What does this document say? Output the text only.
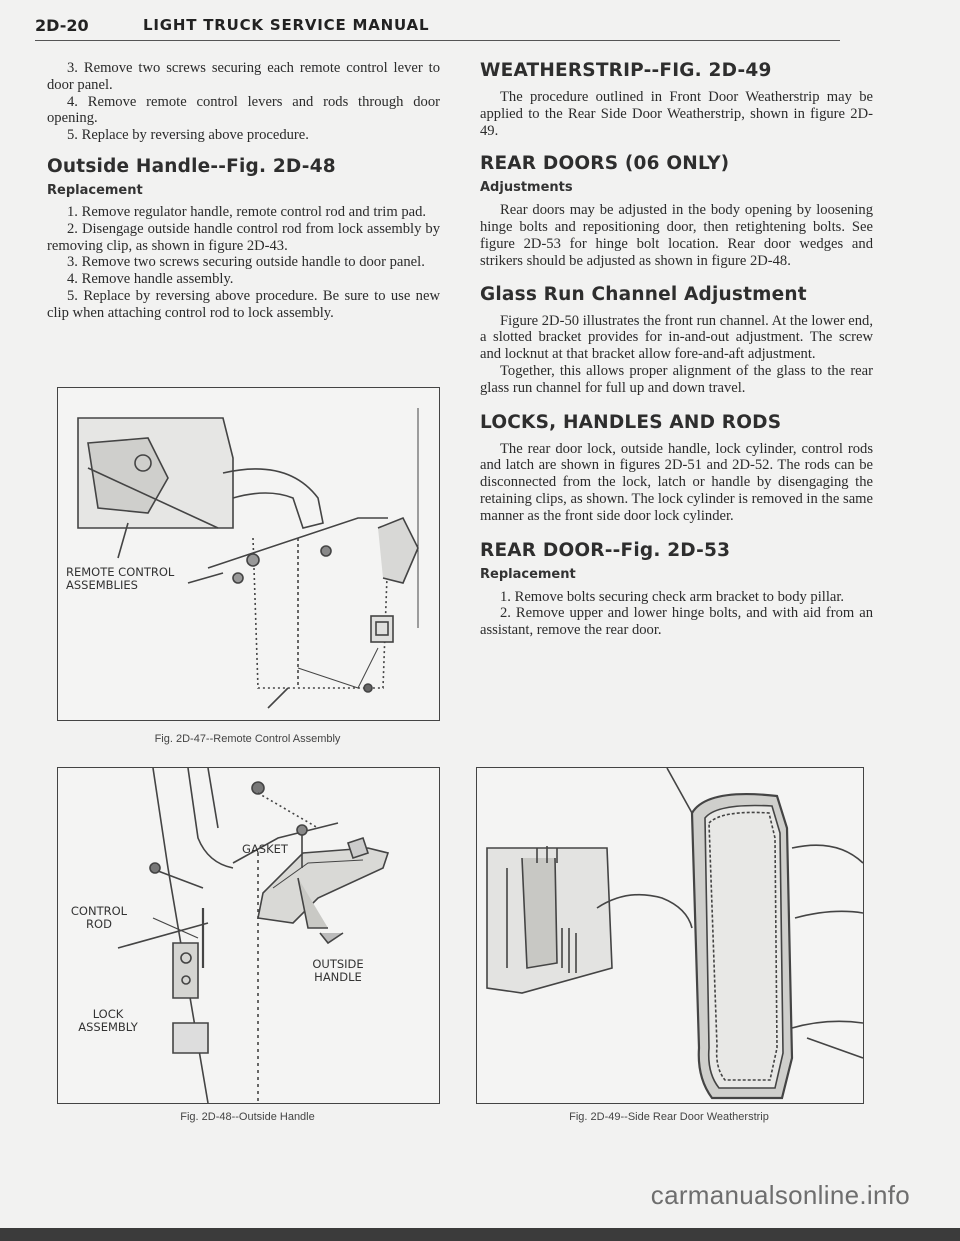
2D-20	LIGHT TRUCK SERVICE MANUAL

3. Remove two screws securing each remote control lever to door panel.

4. Remove remote control levers and rods through door opening.

5. Replace by reversing above procedure.

Outside Handle--Fig. 2D-48
Replacement

1. Remove regulator handle, remote control rod and trim pad.

2. Disengage outside handle control rod from lock assembly by removing clip, as shown in figure 2D-43.

3. Remove two screws securing outside handle to door panel.

4. Remove handle assembly.

5. Replace by reversing above procedure. Be sure to use new clip when attaching control rod to lock assembly.

REMOTE CONTROL ASSEMBLIES
Fig. 2D-47--Remote Control Assembly
GASKET
CONTROL ROD
OUTSIDE HANDLE
LOCK ASSEMBLY
Fig. 2D-48--Outside Handle
WEATHERSTRIP--FIG. 2D-49

The procedure outlined in Front Door Weatherstrip may be applied to the Rear Side Door Weatherstrip, shown in figure 2D-49.

REAR DOORS (06 ONLY)
Adjustments

Rear doors may be adjusted in the body opening by loosening hinge bolts and repositioning door, then retightening bolts. See figure 2D-53 for hinge bolt location. Rear door wedges and strikers should be adjusted as shown in figure 2D-48.

Glass Run Channel Adjustment

Figure 2D-50 illustrates the front run channel. At the lower end, a slotted bracket provides for in-and-out adjustment. The screw and locknut at that bracket allow fore-and-aft adjustment.

Together, this allows proper alignment of the glass to the rear glass run channel for full up and down travel.

LOCKS, HANDLES AND RODS

The rear door lock, outside handle, lock cylinder, control rods and latch are shown in figures 2D-51 and 2D-52. The rods can be disconnected from the lock, latch or handle by disengaging the retaining clips, as shown. The lock cylinder is removed in the same manner as the front side door lock cylinder.

REAR DOOR--Fig. 2D-53
Replacement

1. Remove bolts securing check arm bracket to body pillar.

2. Remove upper and lower hinge bolts, and with aid from an assistant, remove the rear door.

Fig. 2D-49--Side Rear Door Weatherstrip
carmanualsonline.info
